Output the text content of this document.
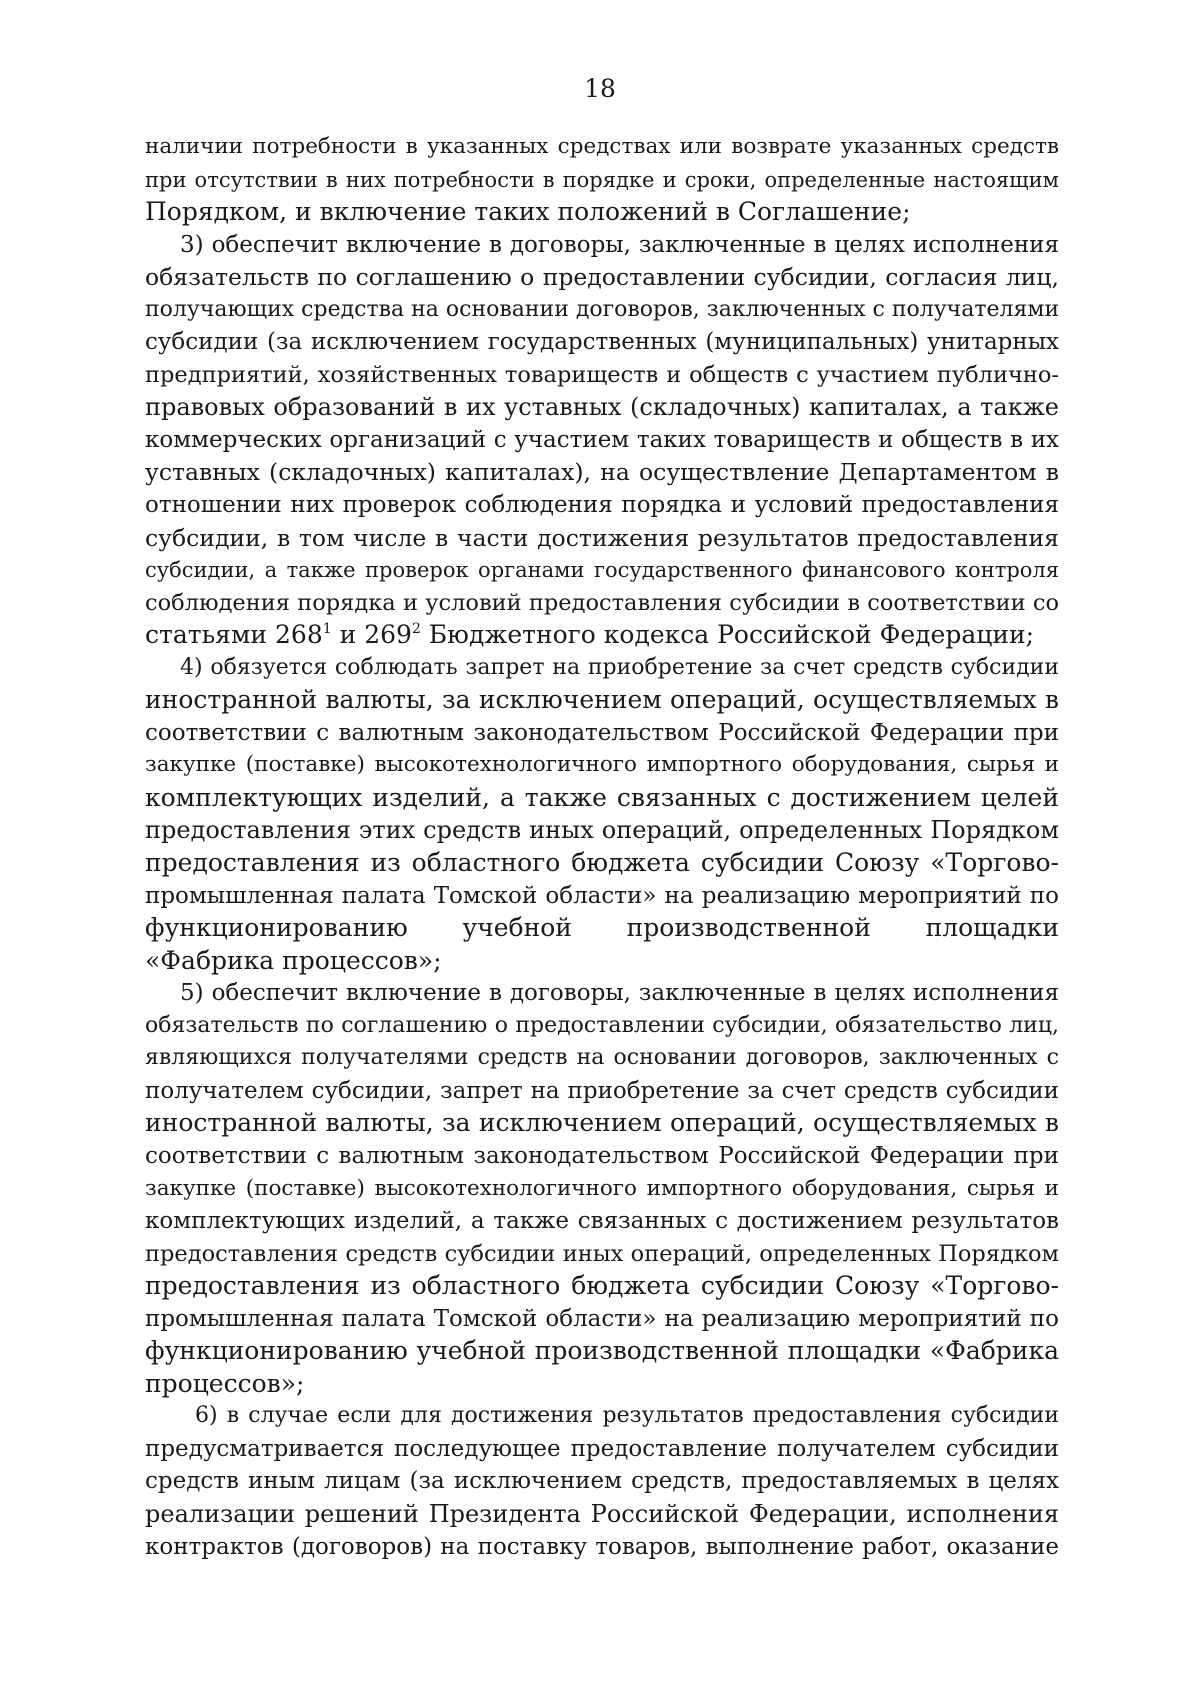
18
наличии потребности в указанных средствах или возврате указанных средств
при отсутствии в них потребности в порядке и сроки, определенные настоящим
Порядком, и включение таких положений в Соглашение;
3) обеспечит включение в договоры, заключенные в целях исполнения
обязательств по соглашению о предоставлении субсидии, согласия лиц,
получающих средства на основании договоров, заключенных с получателями
субсидии (за исключением государственных (муниципальных) унитарных
предприятий, хозяйственных товариществ и обществ с участием публично-
правовых образований в их уставных (складочных) капиталах, а также
коммерческих организаций с участием таких товариществ и обществ в их
уставных (складочных) капиталах), на осуществление Департаментом в
отношении них проверок соблюдения порядка и условий предоставления
субсидии, в том числе в части достижения результатов предоставления
субсидии, а также проверок органами государственного финансового контроля
соблюдения порядка и условий предоставления субсидии в соответствии со
статьями $268^1$ и $269^2$ Бюджетного кодекса Российской Федерации;
4) обязуется соблюдать запрет на приобретение за счет средств субсидии
иностранной валюты, за исключением операций, осуществляемых в
соответствии с валютным законодательством Российской Федерации при
закупке (поставке) высокотехнологичного импортного оборудования, сырья и
комплектующих изделий, а также связанных с достижением целей
предоставления этих средств иных операций, определенных Порядком
предоставления из областного бюджета субсидии Союзу «Торгово-
промышленная палата Томской области» на реализацию мероприятий по
функционированию учебной производственной площадки
«Фабрика процессов»;
5) обеспечит включение в договоры, заключенные в целях исполнения
обязательств по соглашению о предоставлении субсидии, обязательство лиц,
являющихся получателями средств на основании договоров, заключенных с
получателем субсидии, запрет на приобретение за счет средств субсидии
иностранной валюты, за исключением операций, осуществляемых в
соответствии с валютным законодательством Российской Федерации при
закупке (поставке) высокотехнологичного импортного оборудования, сырья и
комплектующих изделий, а также связанных с достижением результатов
предоставления средств субсидии иных операций, определенных Порядком
предоставления из областного бюджета субсидии Союзу «Торгово-
промышленная палата Томской области» на реализацию мероприятий по
функционированию учебной производственной площадки «Фабрика
процессов»;
6) в случае если для достижения результатов предоставления субсидии
предусматривается последующее предоставление получателем субсидии
средств иным лицам (за исключением средств, предоставляемых в целях
реализации решений Президента Российской Федерации, исполнения
контрактов (договоров) на поставку товаров, выполнение работ, оказание
